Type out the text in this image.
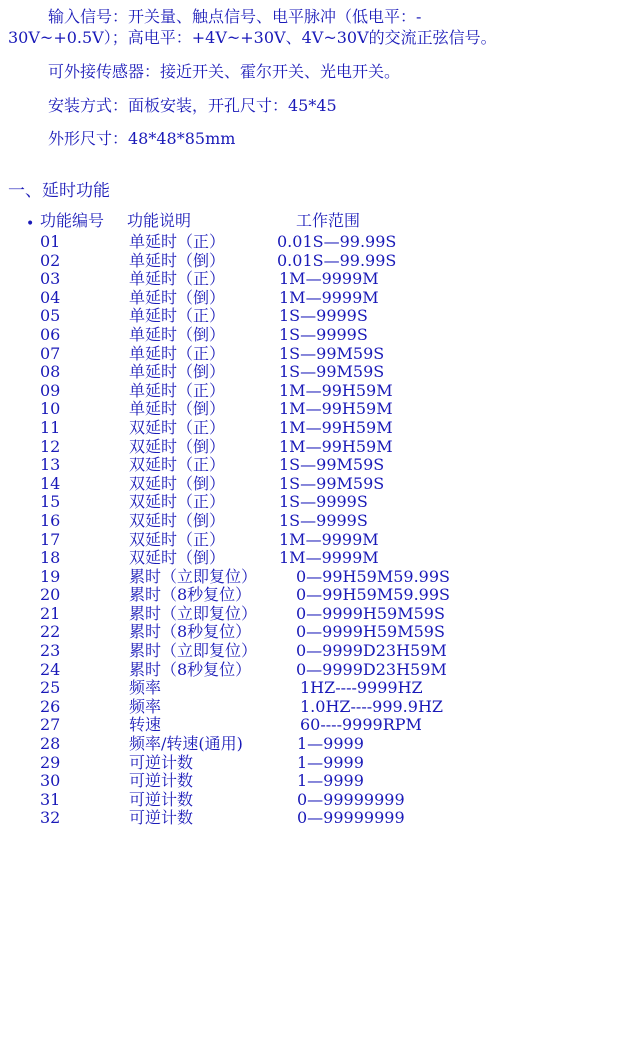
输入信号：开关量、触点信号、电平脉冲（低电平：-
30V~+0.5V）；高电平：+4V~+30V、4V~30V的交流正弦信号。
可外接传感器：接近开关、霍尔开关、光电开关。
安装方式：面板安装，开孔尺寸：45*45
外形尺寸：48*48*85mm
一、延时功能
• 功能编号 功能说明	工作范围
01	单延时（正）	0.01S—99.99S
02	单延时（倒）	0.01S—99.99S
03	单延时（正）	1M—9999M
04	单延时（倒）	1M—9999M
05	单延时（正）	1S—9999S
06	单延时（倒）	1S—9999S
07	单延时（正）	1S—99M59S
08	单延时（倒）	1S—99M59S
09	单延时（正）	1M—99H59M
10	单延时（倒）	1M—99H59M
11	双延时（正）	1M—99H59M
12	双延时（倒）	1M—99H59M
13	双延时（正）	1S—99M59S
14	双延时（倒）	1S—99M59S
15	双延时（正）	1S—9999S
16	双延时（倒）	1S—9999S
17	双延时（正）	1M—9999M
18	双延时（倒）	1M—9999M
19	累时（立即复位） 0—99H59M59.99S
20	累时（8秒复位）	0—99H59M59.99S
21	累时（立即复位） 0—9999H59M59S
22	累时（8秒复位）	0—9999H59M59S
23	累时（立即复位） 0—9999D23H59M
24	累时（8秒复位）	0—9999D23H59M
25	频率	1HZ----9999HZ
26	频率	1.0HZ----999.9HZ
27	转速	60----9999RPM
28	频率/转速(通用)	1—9999
29	可逆计数	1—9999
30	可逆计数	1—9999
31	可逆计数	0—99999999
32	可逆计数	0—99999999
